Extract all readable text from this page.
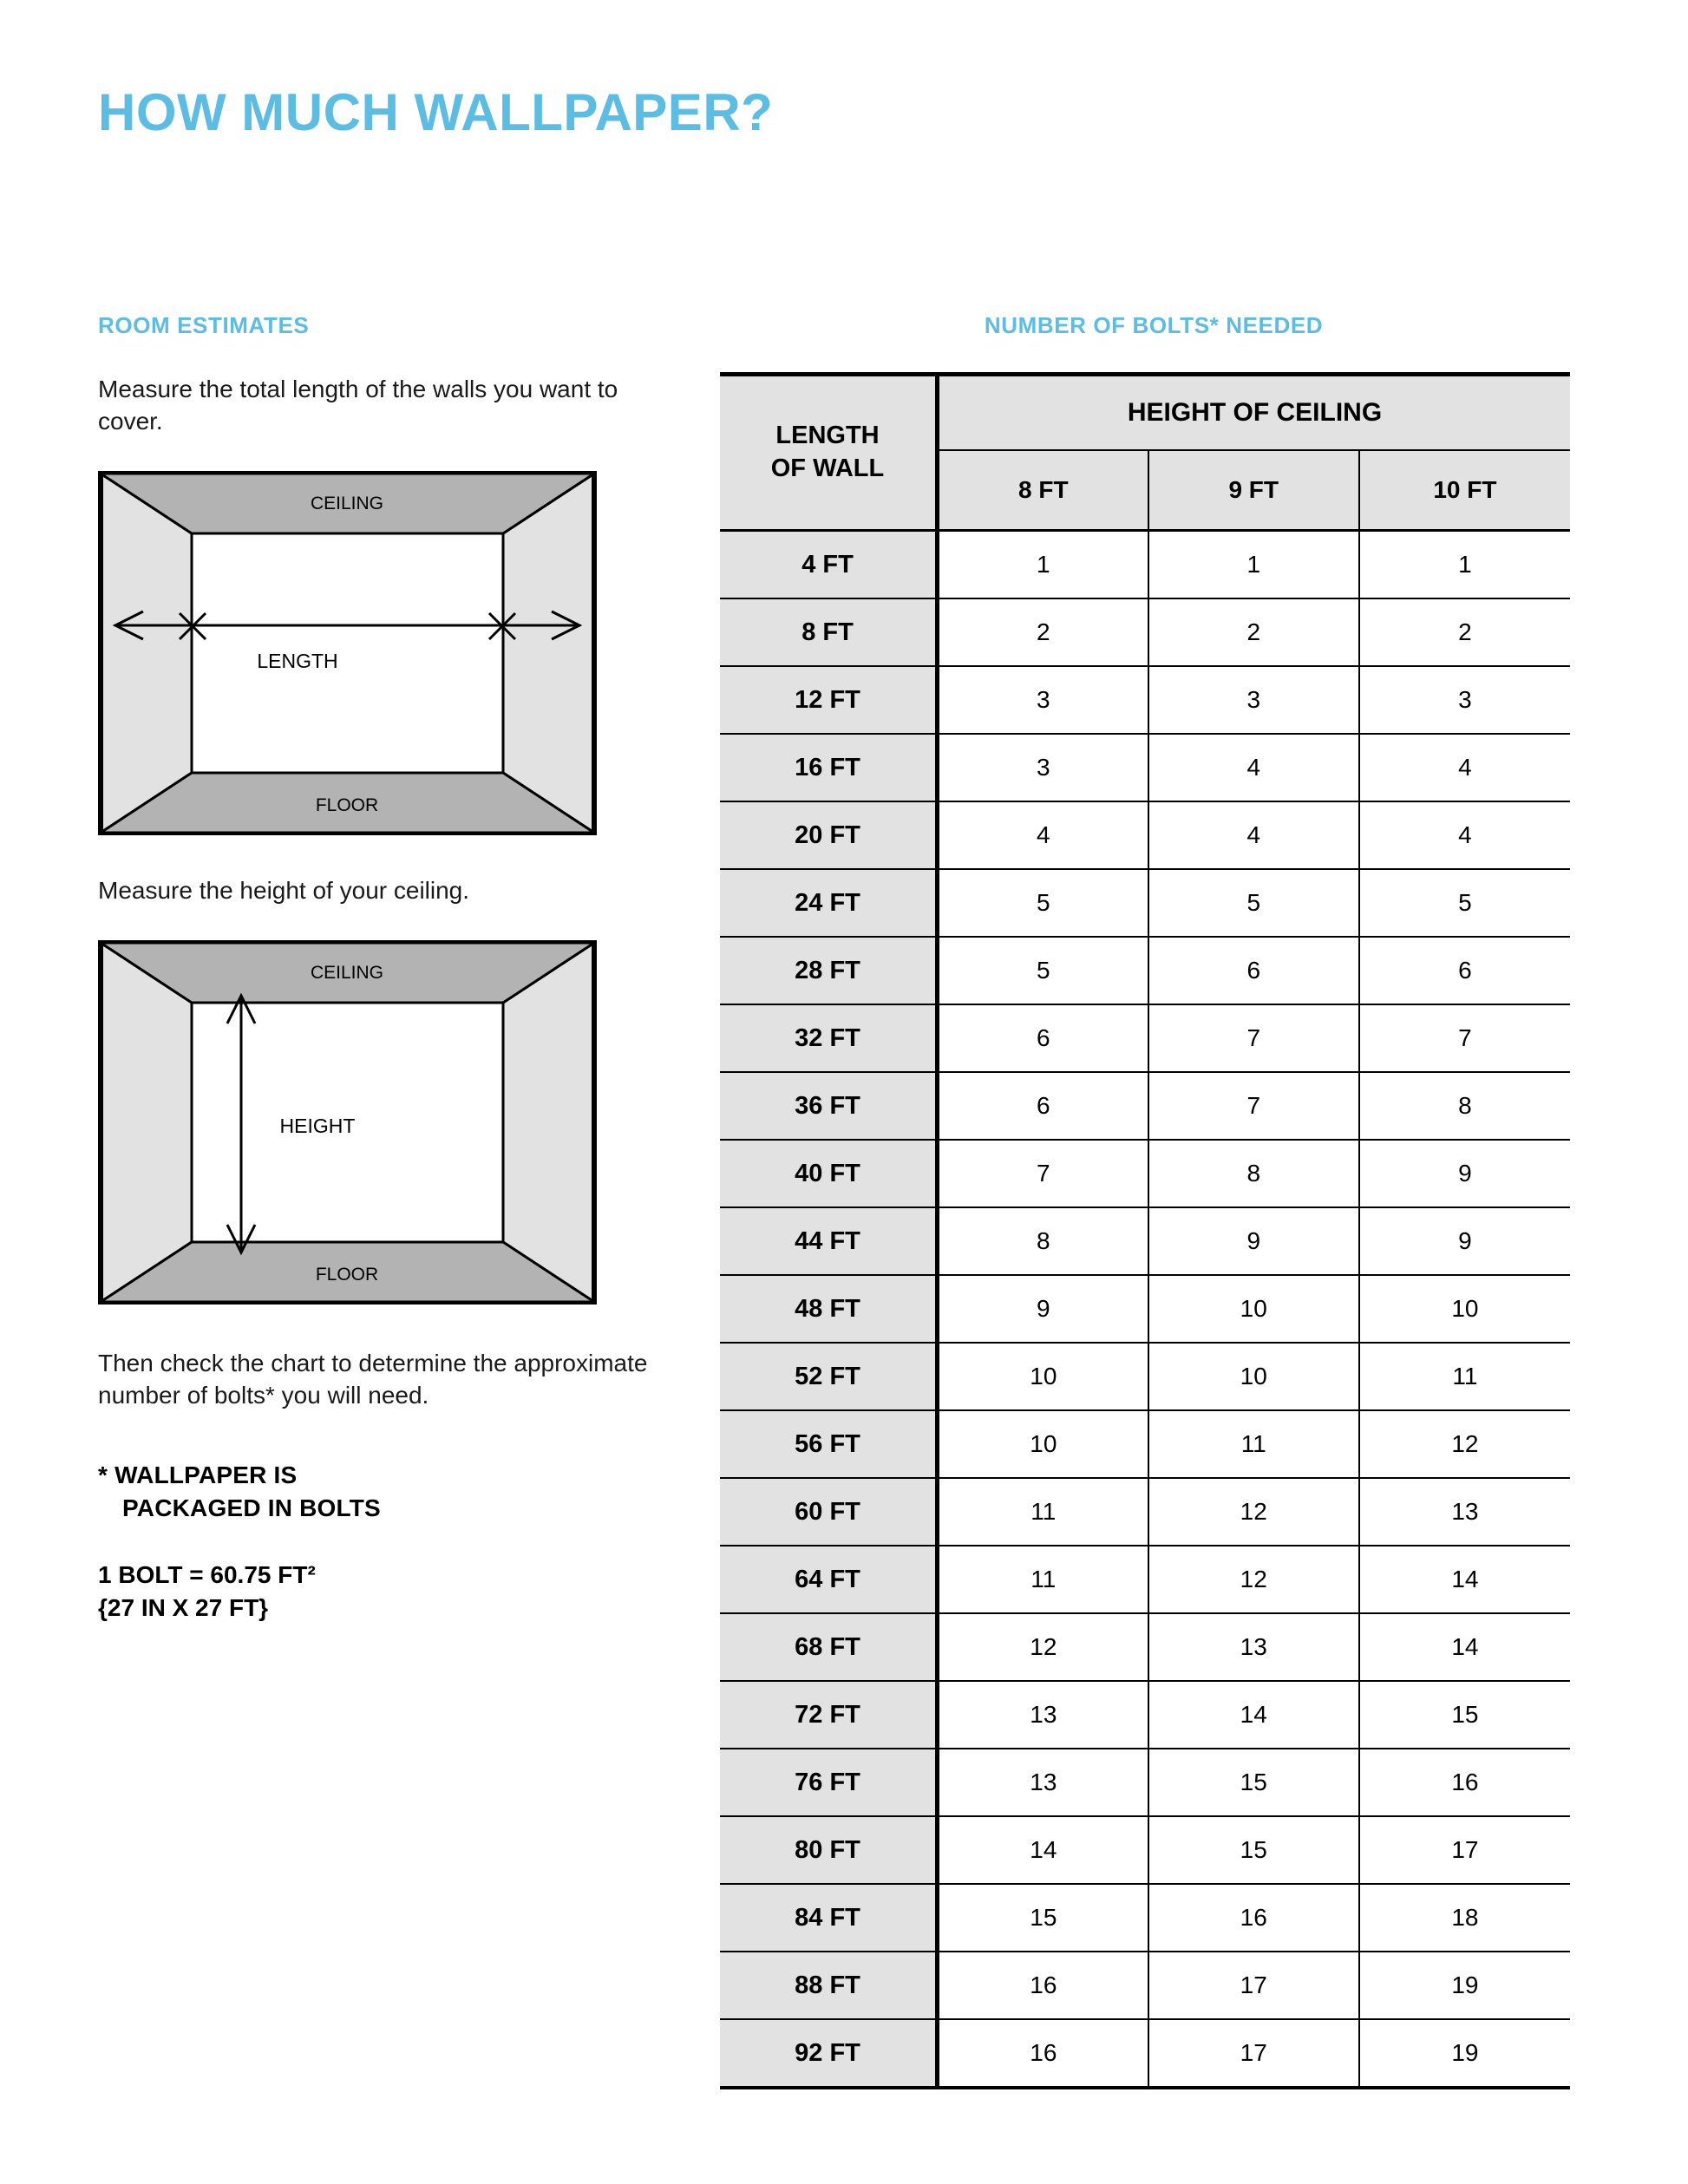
HOW MUCH WALLPAPER?
ROOM ESTIMATES

Measure the total length of the walls you want to cover.

CEILING
FLOOR
LENGTH

Measure the height of your ceiling.

CEILING
FLOOR
HEIGHT

Then check the chart to determine the approximate number of bolts* you will need.

* WALLPAPER IS

PACKAGED IN BOLTS

1 BOLT = 60.75 FT²
{27 IN X 27 FT}
NUMBER OF BOLTS* NEEDED
LENGTH
OF WALL	HEIGHT OF CEILING		
	8 FT	9 FT	10 FT
4 FT	1	1	1
8 FT	2	2	2
12 FT	3	3	3
16 FT	3	4	4
20 FT	4	4	4
24 FT	5	5	5
28 FT	5	6	6
32 FT	6	7	7
36 FT	6	7	8
40 FT	7	8	9
44 FT	8	9	9
48 FT	9	10	10
52 FT	10	10	11
56 FT	10	11	12
60 FT	11	12	13
64 FT	11	12	14
68 FT	12	13	14
72 FT	13	14	15
76 FT	13	15	16
80 FT	14	15	17
84 FT	15	16	18
88 FT	16	17	19
92 FT	16	17	19
